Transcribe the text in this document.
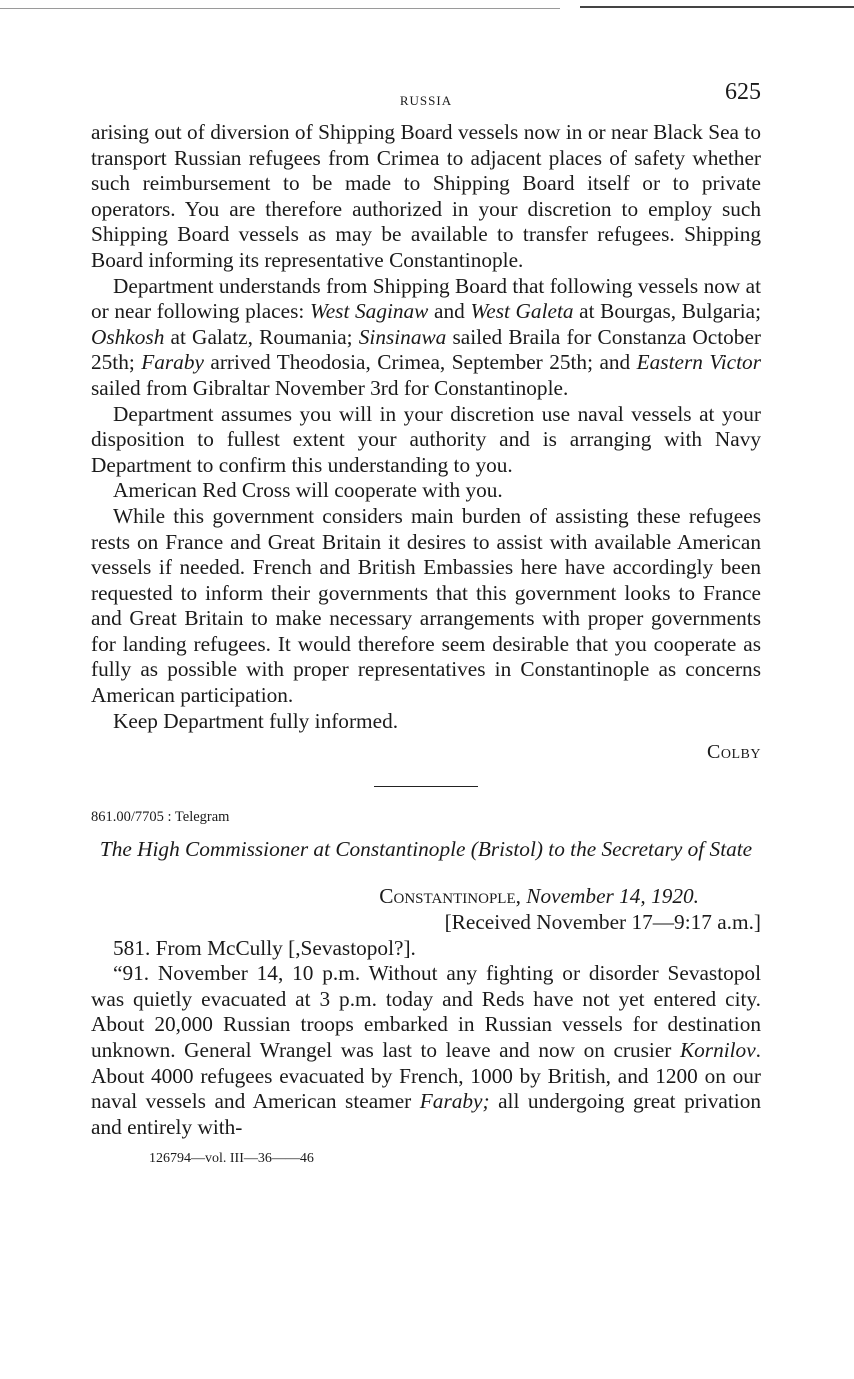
RUSSIA	625

arising out of diversion of Shipping Board vessels now in or near Black Sea to transport Russian refugees from Crimea to adjacent places of safety whether such reimbursement to be made to Shipping Board itself or to private operators. You are therefore authorized in your discretion to employ such Shipping Board vessels as may be available to transfer refugees. Shipping Board informing its representative Constantinople.

Department understands from Shipping Board that following vessels now at or near following places: West Saginaw and West Galeta at Bourgas, Bulgaria; Oshkosh at Galatz, Roumania; Sinsinawa sailed Braila for Constanza October 25th; Faraby arrived Theodosia, Crimea, September 25th; and Eastern Victor sailed from Gibraltar November 3rd for Constantinople.

Department assumes you will in your discretion use naval vessels at your disposition to fullest extent your authority and is arranging with Navy Department to confirm this understanding to you.

American Red Cross will cooperate with you.

While this government considers main burden of assisting these refugees rests on France and Great Britain it desires to assist with available American vessels if needed. French and British Embassies here have accordingly been requested to inform their governments that this government looks to France and Great Britain to make necessary arrangements with proper governments for landing refugees. It would therefore seem desirable that you cooperate as fully as possible with proper representatives in Constantinople as concerns American participation.

Keep Department fully informed.

Colby
861.00/7705 : Telegram
The High Commissioner at Constantinople (Bristol) to the Secretary of State
Constantinople, November 14, 1920.
[Received November 17—9:17 a.m.]

581. From McCully [,Sevastopol?].

“91. November 14, 10 p.m. Without any fighting or disorder Sevastopol was quietly evacuated at 3 p.m. today and Reds have not yet entered city. About 20,000 Russian troops embarked in Russian vessels for destination unknown. General Wrangel was last to leave and now on crusier Kornilov. About 4000 refugees evacuated by French, 1000 by British, and 1200 on our naval vessels and American steamer Faraby; all undergoing great privation and entirely with-

126794—vol. III—36——46
